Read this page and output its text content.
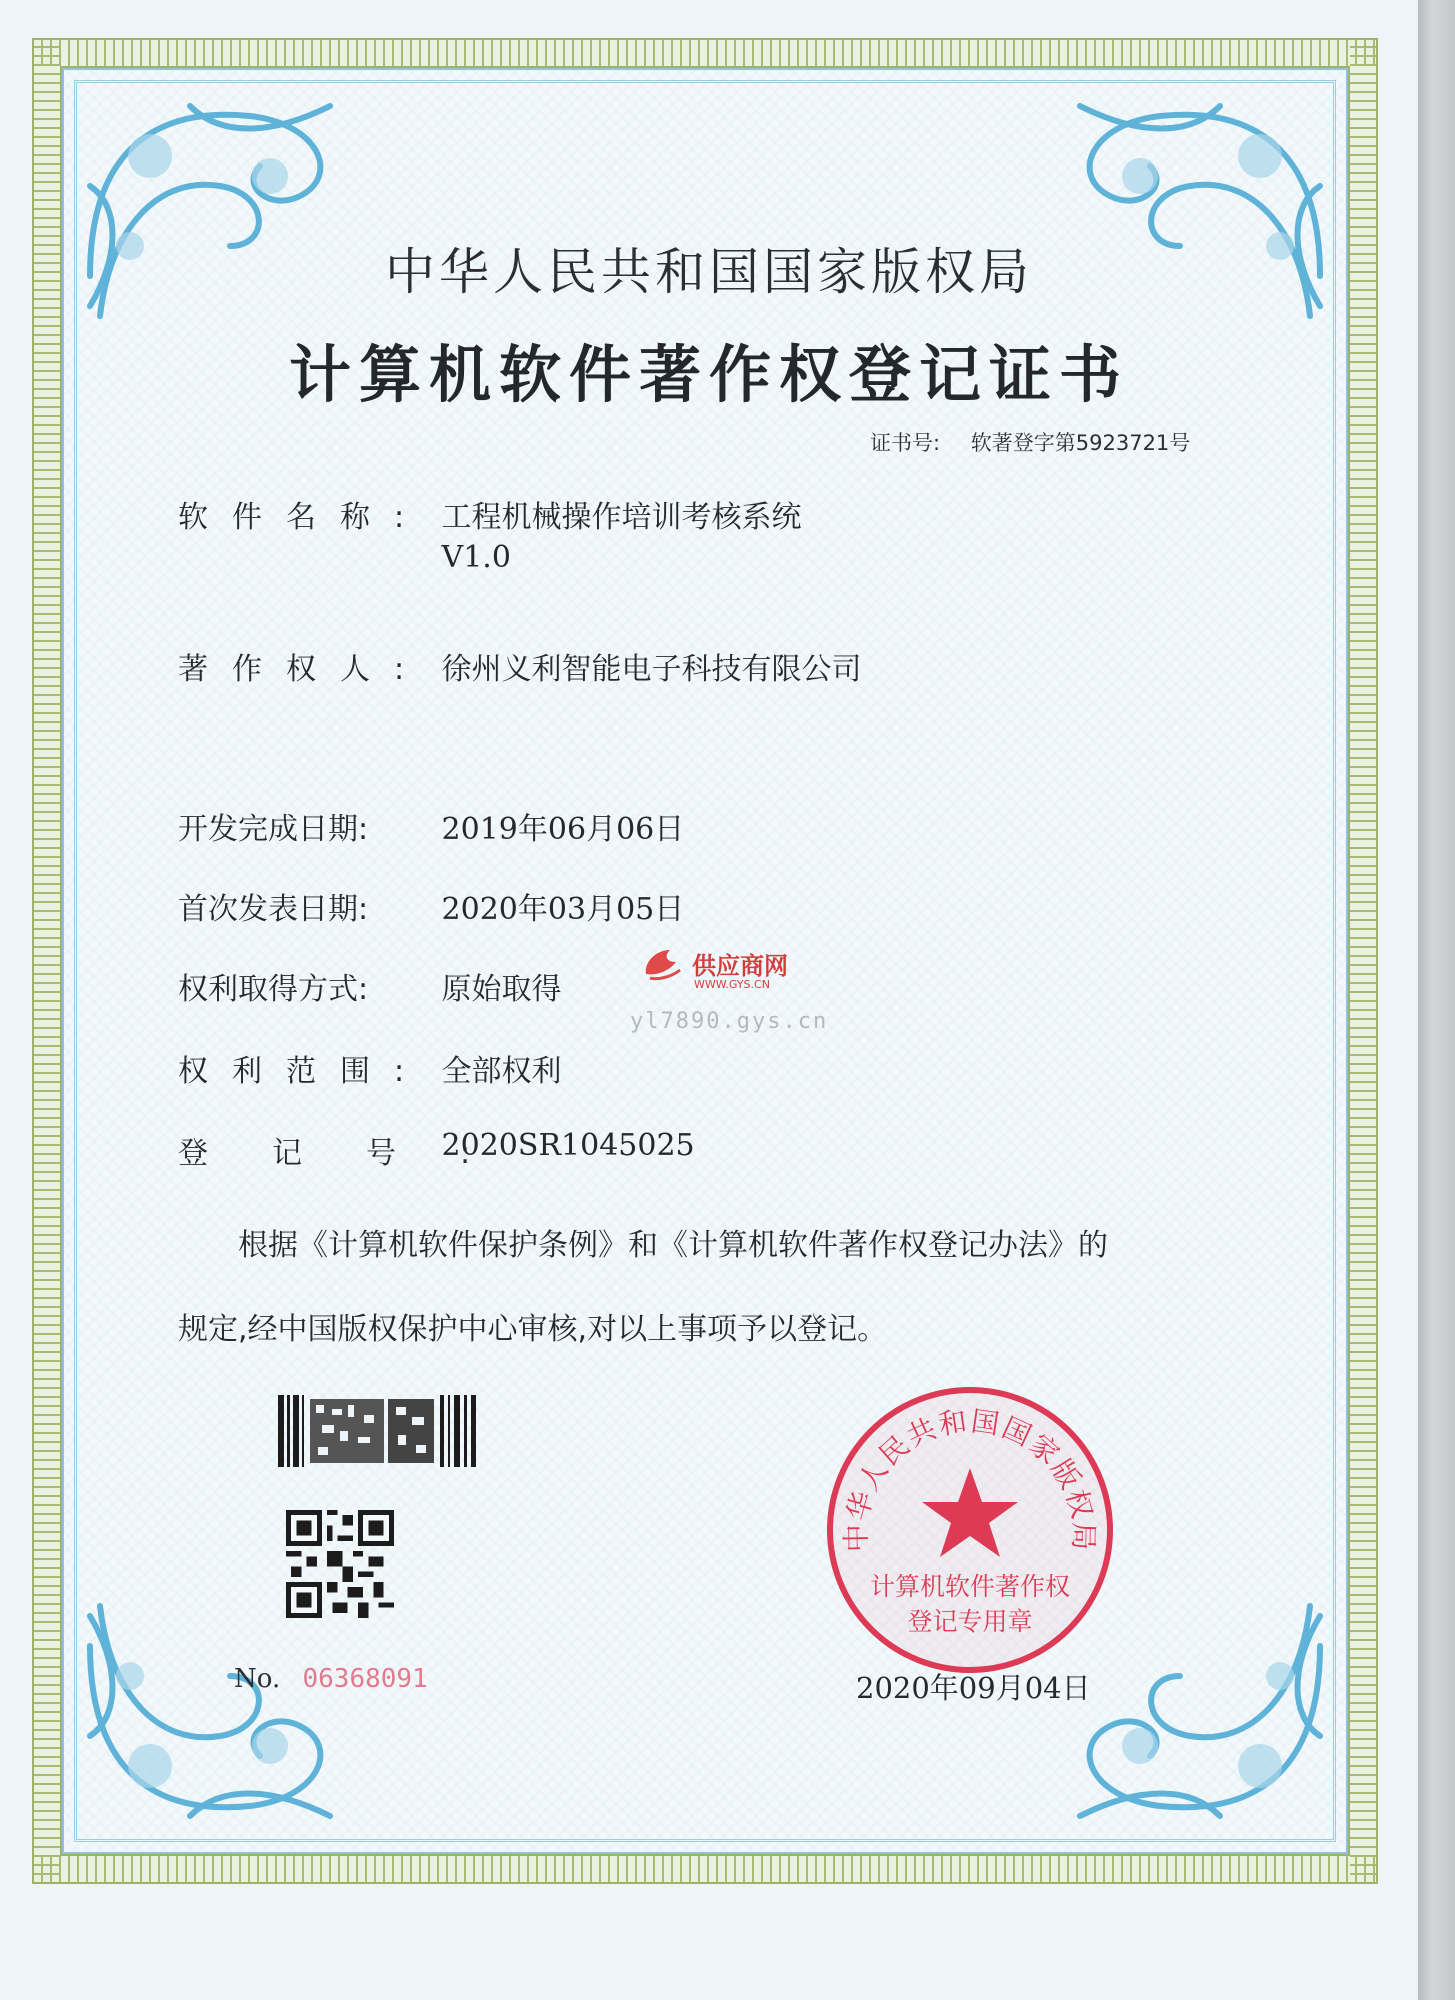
中华人民共和国国家版权局
计算机软件著作权登记证书
证书号: 软著登字第5923721号
软件名称: 工程机械操作培训考核系统
V1.0
著作权人: 徐州义利智能电子科技有限公司
开发完成日期: 2019年06月06日
首次发表日期: 2020年03月05日
权利取得方式: 原始取得
权利范围: 全部权利
登记号: 2020SR1045025
根据《计算机软件保护条例》和《计算机软件著作权登记办法》的
规定,经中国版权保护中心审核,对以上事项予以登记。
供应商网
WWW.GYS.CN
yl7890.gys.cn
No. 06368091
中华人民共和国国家版权局
计算机软件著作权
登记专用章
2020年09月04日
